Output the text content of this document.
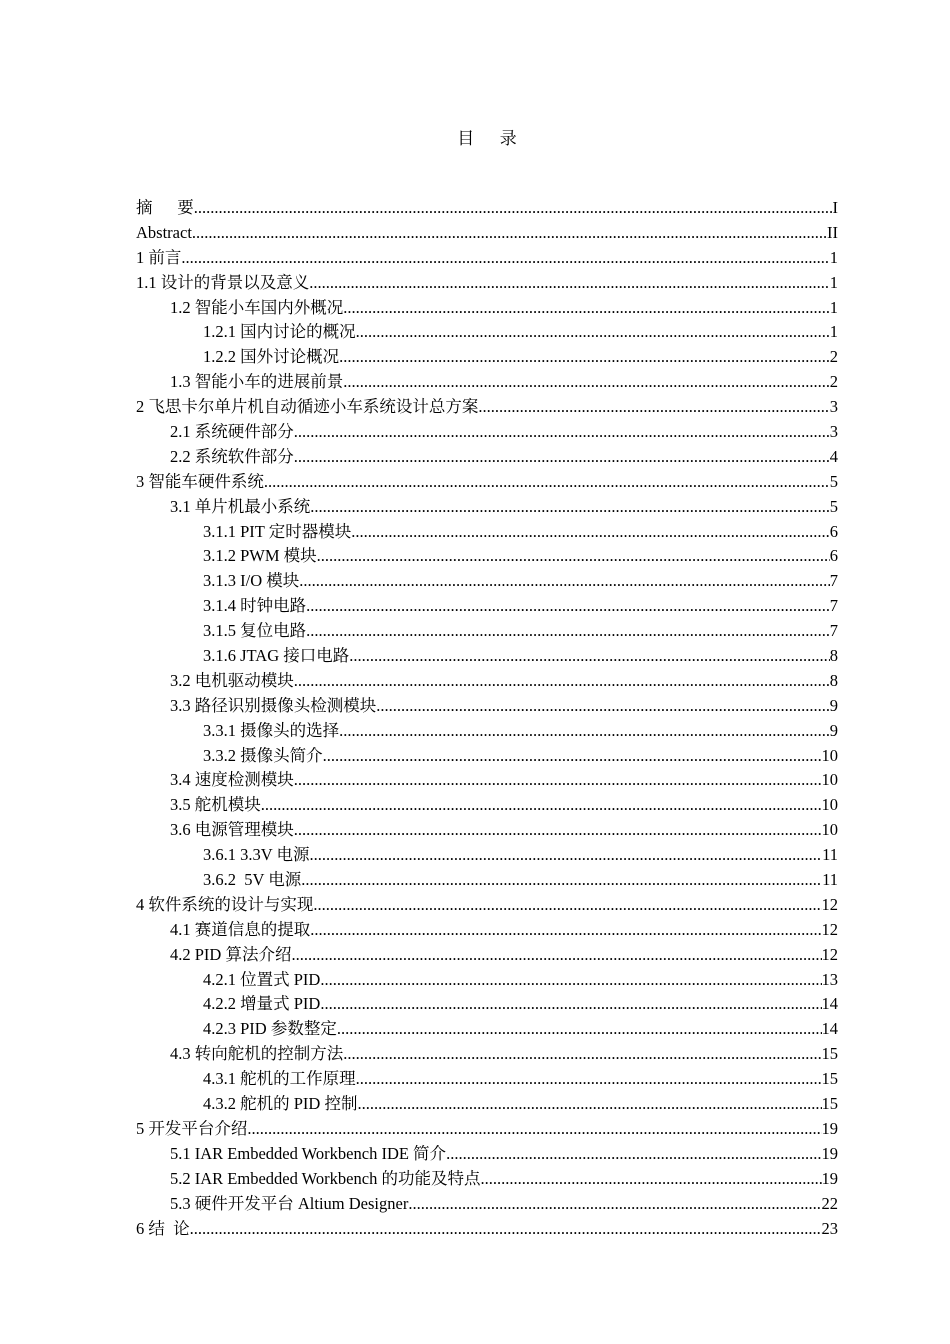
目      录
摘      要 .....	I
Abstract .....	II
1 前言 .....	1
1.1 设计的背景以及意义 .....	1
1.2 智能小车国内外概况 .....	1
1.2.1 国内讨论的概况 .....	1
1.2.2 国外讨论概况 .....	2
1.3 智能小车的进展前景 .....	2
2 飞思卡尔单片机自动循迹小车系统设计总方案 .....	3
2.1 系统硬件部分 .....	3
2.2 系统软件部分 .....	4
3 智能车硬件系统 .....	5
3.1 单片机最小系统 .....	5
3.1.1 PIT 定时器模块 .....	6
3.1.2 PWM 模块 .....	6
3.1.3 I/O 模块 .....	7
3.1.4 时钟电路 .....	7
3.1.5 复位电路 .....	7
3.1.6 JTAG 接口电路 .....	8
3.2 电机驱动模块 .....	8
3.3 路径识别摄像头检测模块 .....	9
3.3.1 摄像头的选择 .....	9
3.3.2 摄像头简介 .....	10
3.4 速度检测模块 .....	10
3.5 舵机模块 .....	10
3.6 电源管理模块 .....	10
3.6.1 3.3V 电源 .....	11
3.6.2  5V 电源 .....	11
4 软件系统的设计与实现 .....	12
4.1 赛道信息的提取 .....	12
4.2 PID 算法介绍 .....	12
4.2.1 位置式 PID .....	13
4.2.2 增量式 PID .....	14
4.2.3 PID 参数整定 .....	14
4.3 转向舵机的控制方法 .....	15
4.3.1 舵机的工作原理 .....	15
4.3.2 舵机的 PID 控制 .....	15
5 开发平台介绍 .....	19
5.1 IAR Embedded Workbench IDE 简介 .....	19
5.2 IAR Embedded Workbench 的功能及特点 .....	19
5.3 硬件开发平台 Altium Designer .....	22
6 结  论 .....	23
